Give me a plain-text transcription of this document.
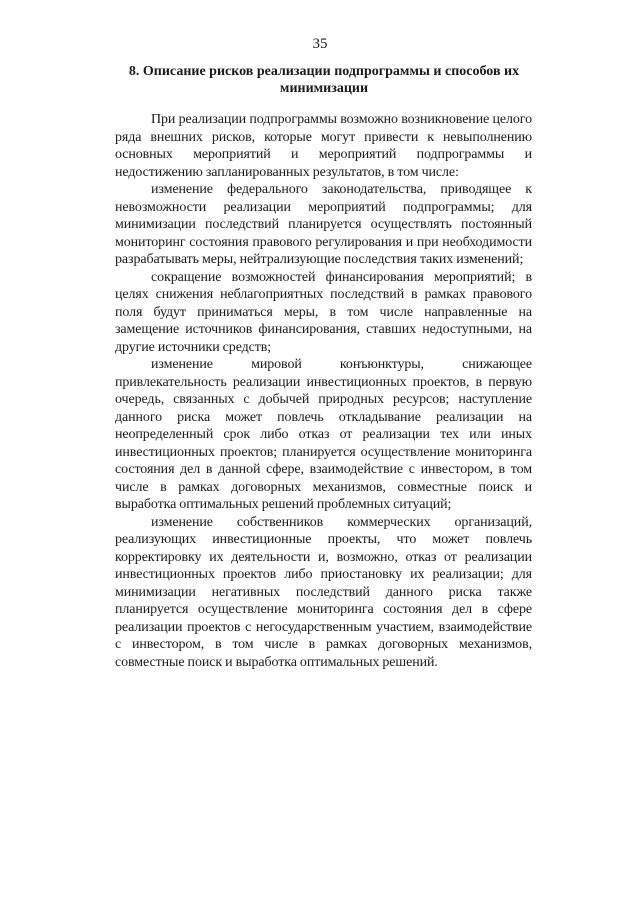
35
8. Описание рисков реализации подпрограммы и способов их минимизации

При реализации подпрограммы возможно возникновение целого ряда внешних рисков, которые могут привести к невыполнению основных мероприятий и мероприятий подпрограммы и недостижению запланированных результатов, в том числе:

изменение федерального законодательства, приводящее к невозможности реализации мероприятий подпрограммы; для минимизации последствий планируется осуществлять постоянный мониторинг состояния правового регулирования и при необходимости разрабатывать меры, нейтрализующие последствия таких изменений;

сокращение возможностей финансирования мероприятий; в целях снижения неблагоприятных последствий в рамках правового поля будут приниматься меры, в том числе направленные на замещение источников финансирования, ставших недоступными, на другие источники средств;

изменение мировой конъюнктуры, снижающее привлекательность реализации инвестиционных проектов, в первую очередь, связанных с добычей природных ресурсов; наступление данного риска может повлечь откладывание реализации на неопределенный срок либо отказ от реализации тех или иных инвестиционных проектов; планируется осуществление мониторинга состояния дел в данной сфере, взаимодействие с инвестором, в том числе в рамках договорных механизмов, совместные поиск и выработка оптимальных решений проблемных ситуаций;

изменение собственников коммерческих организаций, реализующих инвестиционные проекты, что может повлечь корректировку их деятельности и, возможно, отказ от реализации инвестиционных проектов либо приостановку их реализации; для минимизации негативных последствий данного риска также планируется осуществление мониторинга состояния дел в сфере реализации проектов с негосударственным участием, взаимодействие с инвестором, в том числе в рамках договорных механизмов, совместные поиск и выработка оптимальных решений.
